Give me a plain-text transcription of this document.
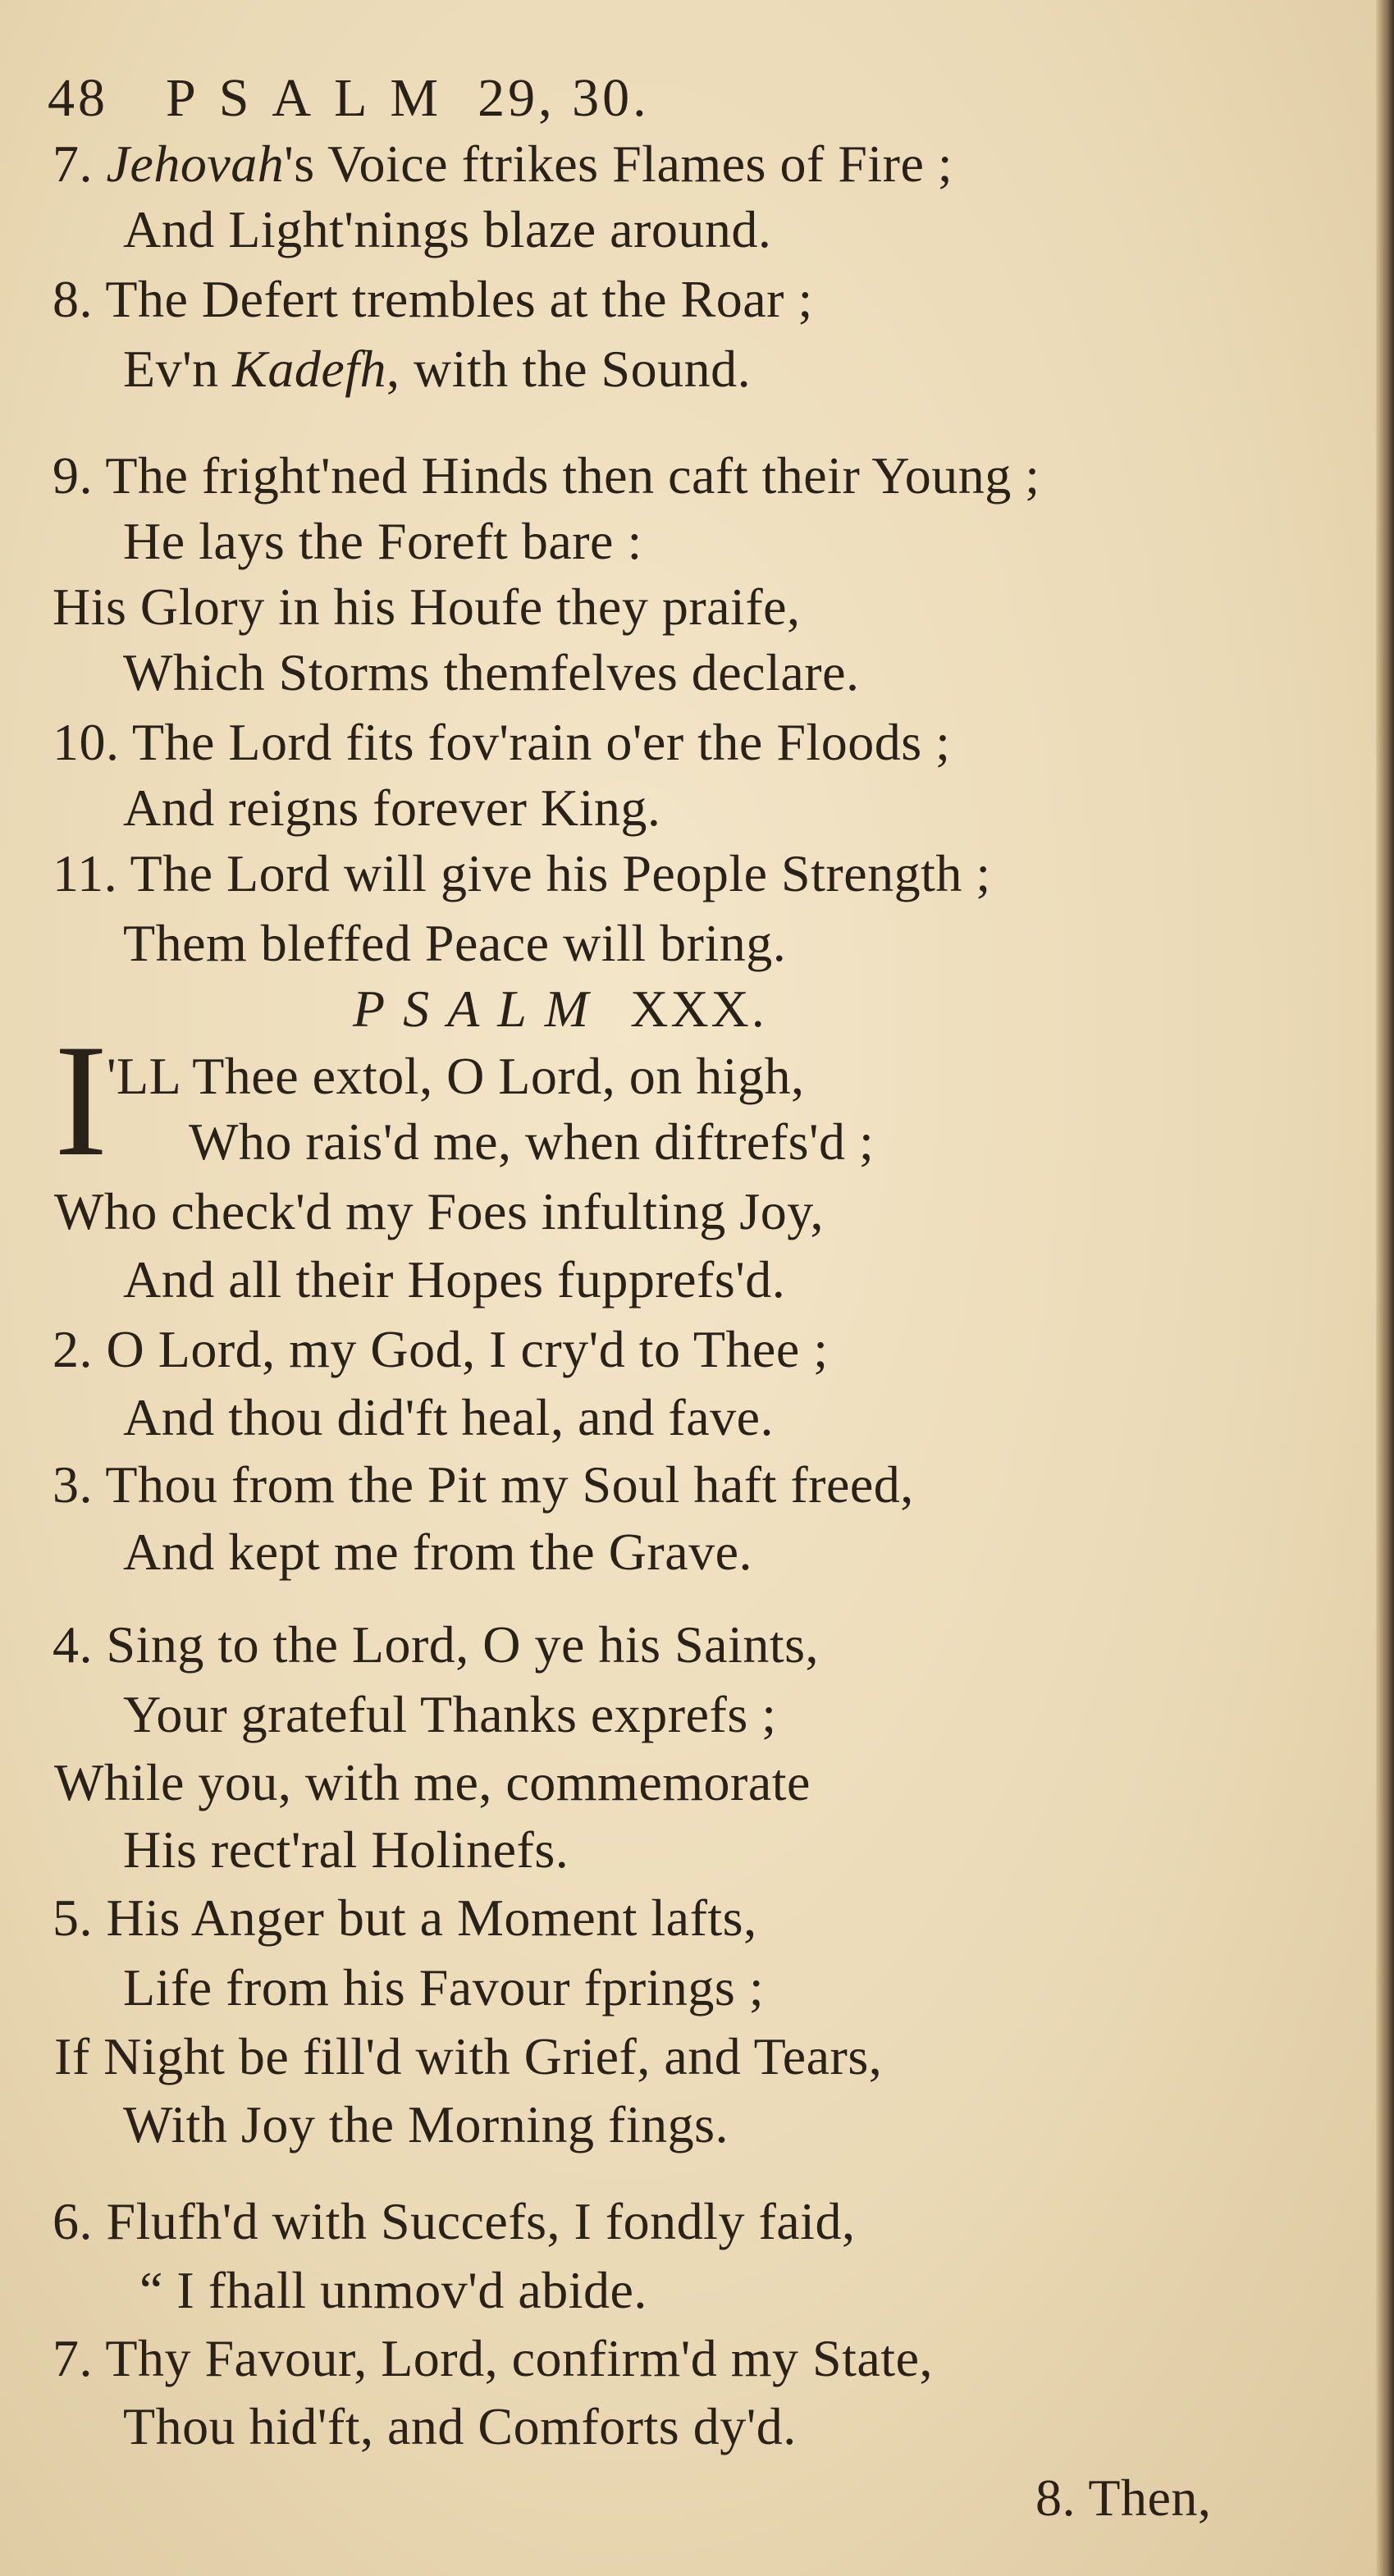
48 PSALM 29, 30.
7. Jehovah's Voice ftrikes Flames of Fire ;
And Light'nings blaze around.
8. The Defert trembles at the Roar ;
Ev'n Kadefh, with the Sound.
9. The fright'ned Hinds then caft their Young ;
He lays the Foreft bare :
His Glory in his Houfe they praife,
Which Storms themfelves declare.
10. The Lord fits fov'rain o'er the Floods ;
And reigns forever King.
11. The Lord will give his People Strength ;
Them bleffed Peace will bring.
PSALM XXX.
I
'LL Thee extol, O Lord, on high,
Who rais'd me, when diftrefs'd ;
Who check'd my Foes infulting Joy,
And all their Hopes fupprefs'd.
2. O Lord, my God, I cry'd to Thee ;
And thou did'ft heal, and fave.
3. Thou from the Pit my Soul haft freed,
And kept me from the Grave.
4. Sing to the Lord, O ye his Saints,
Your grateful Thanks exprefs ;
While you, with me, commemorate
His rect'ral Holinefs.
5. His Anger but a Moment lafts,
Life from his Favour fprings ;
If Night be fill'd with Grief, and Tears,
With Joy the Morning fings.
6. Flufh'd with Succefs, I fondly faid,
“ I fhall unmov'd abide.
7. Thy Favour, Lord, confirm'd my State,
Thou hid'ft, and Comforts dy'd.
8. Then,
